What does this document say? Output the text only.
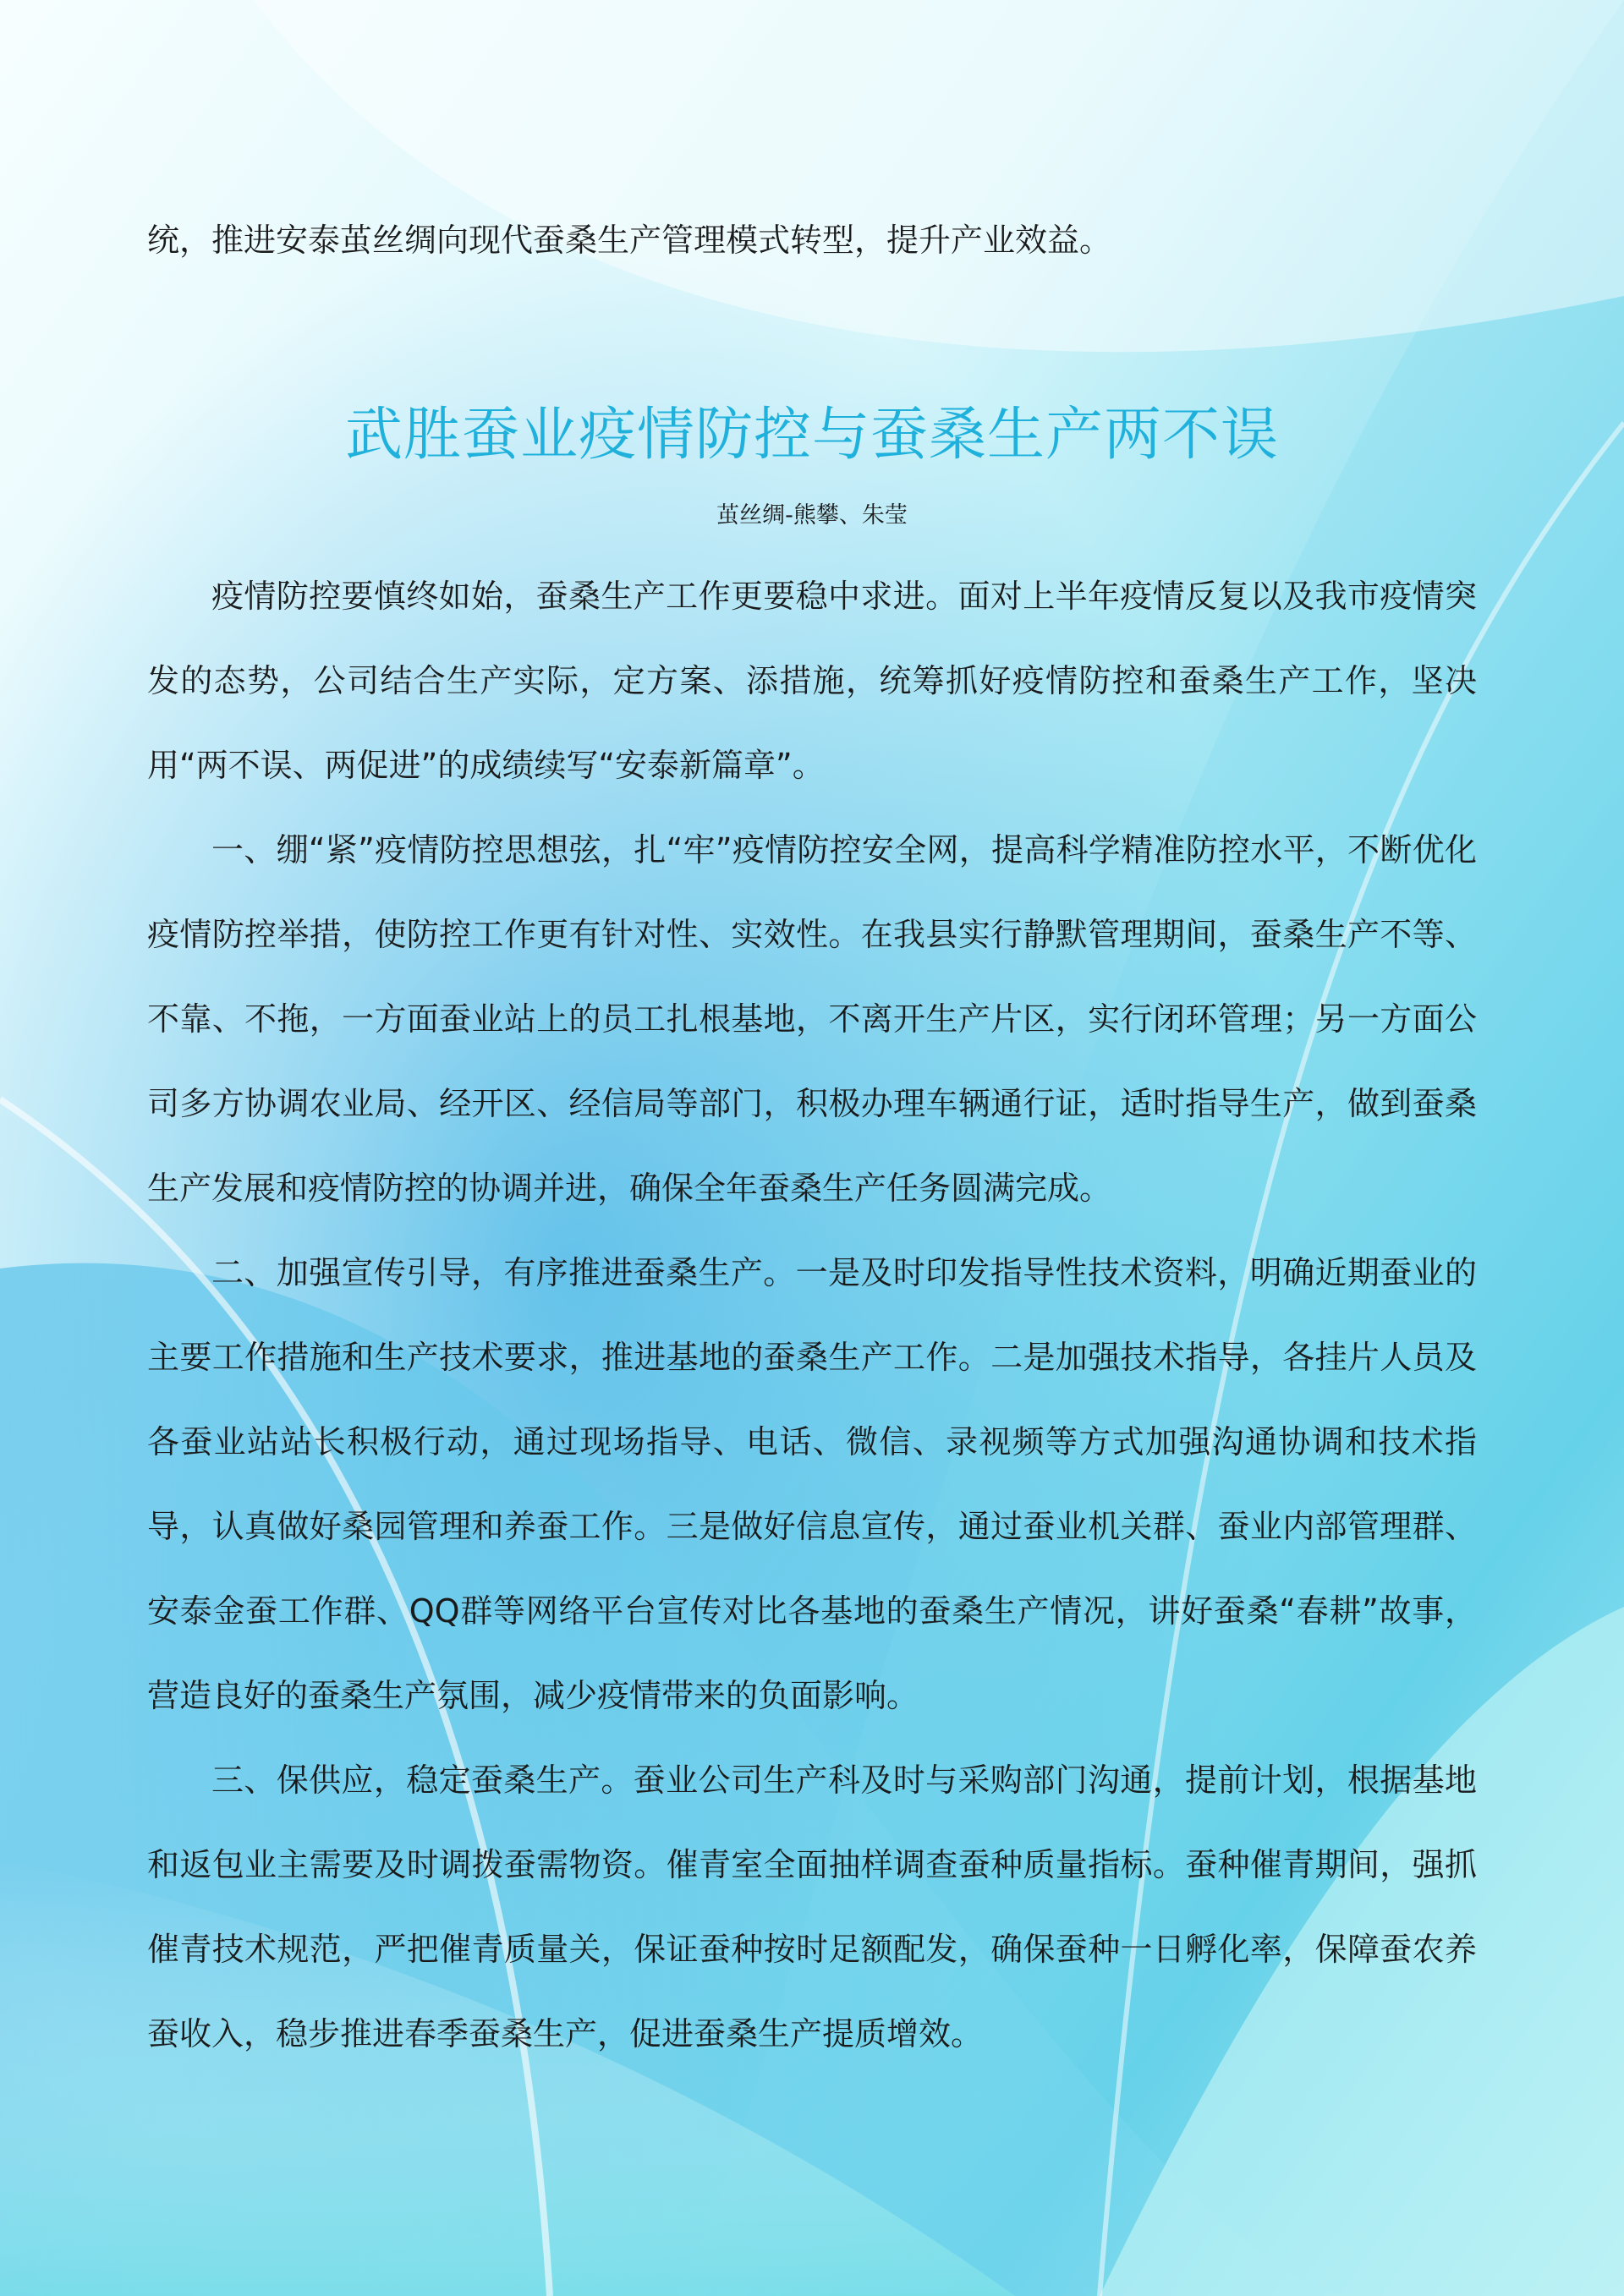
统，推进安泰茧丝绸向现代蚕桑生产管理模式转型，提升产业效益。

武胜蚕业疫情防控与蚕桑生产两不误

茧丝绸-熊攀、朱莹

疫情防控要慎终如始，蚕桑生产工作更要稳中求进。面对上半年疫情反复以及我市疫情突发的态势，公司结合生产实际，定方案、添措施，统筹抓好疫情防控和蚕桑生产工作，坚决用“两不误、两促进”的成绩续写“安泰新篇章”。

一、绷“紧”疫情防控思想弦，扎“牢”疫情防控安全网，提高科学精准防控水平，不断优化疫情防控举措，使防控工作更有针对性、实效性。在我县实行静默管理期间，蚕桑生产不等、不靠、不拖，一方面蚕业站上的员工扎根基地，不离开生产片区，实行闭环管理；另一方面公司多方协调农业局、经开区、经信局等部门，积极办理车辆通行证，适时指导生产，做到蚕桑生产发展和疫情防控的协调并进，确保全年蚕桑生产任务圆满完成。

二、加强宣传引导，有序推进蚕桑生产。一是及时印发指导性技术资料，明确近期蚕业的主要工作措施和生产技术要求，推进基地的蚕桑生产工作。二是加强技术指导，各挂片人员及各蚕业站站长积极行动，通过现场指导、电话、微信、录视频等方式加强沟通协调和技术指导，认真做好桑园管理和养蚕工作。三是做好信息宣传，通过蚕业机关群、蚕业内部管理群、安泰金蚕工作群、QQ群等网络平台宣传对比各基地的蚕桑生产情况，讲好蚕桑“春耕”故事，营造良好的蚕桑生产氛围，减少疫情带来的负面影响。

三、保供应，稳定蚕桑生产。蚕业公司生产科及时与采购部门沟通，提前计划，根据基地和返包业主需要及时调拨蚕需物资。催青室全面抽样调查蚕种质量指标。蚕种催青期间，强抓催青技术规范，严把催青质量关，保证蚕种按时足额配发，确保蚕种一日孵化率，保障蚕农养蚕收入，稳步推进春季蚕桑生产，促进蚕桑生产提质增效。
